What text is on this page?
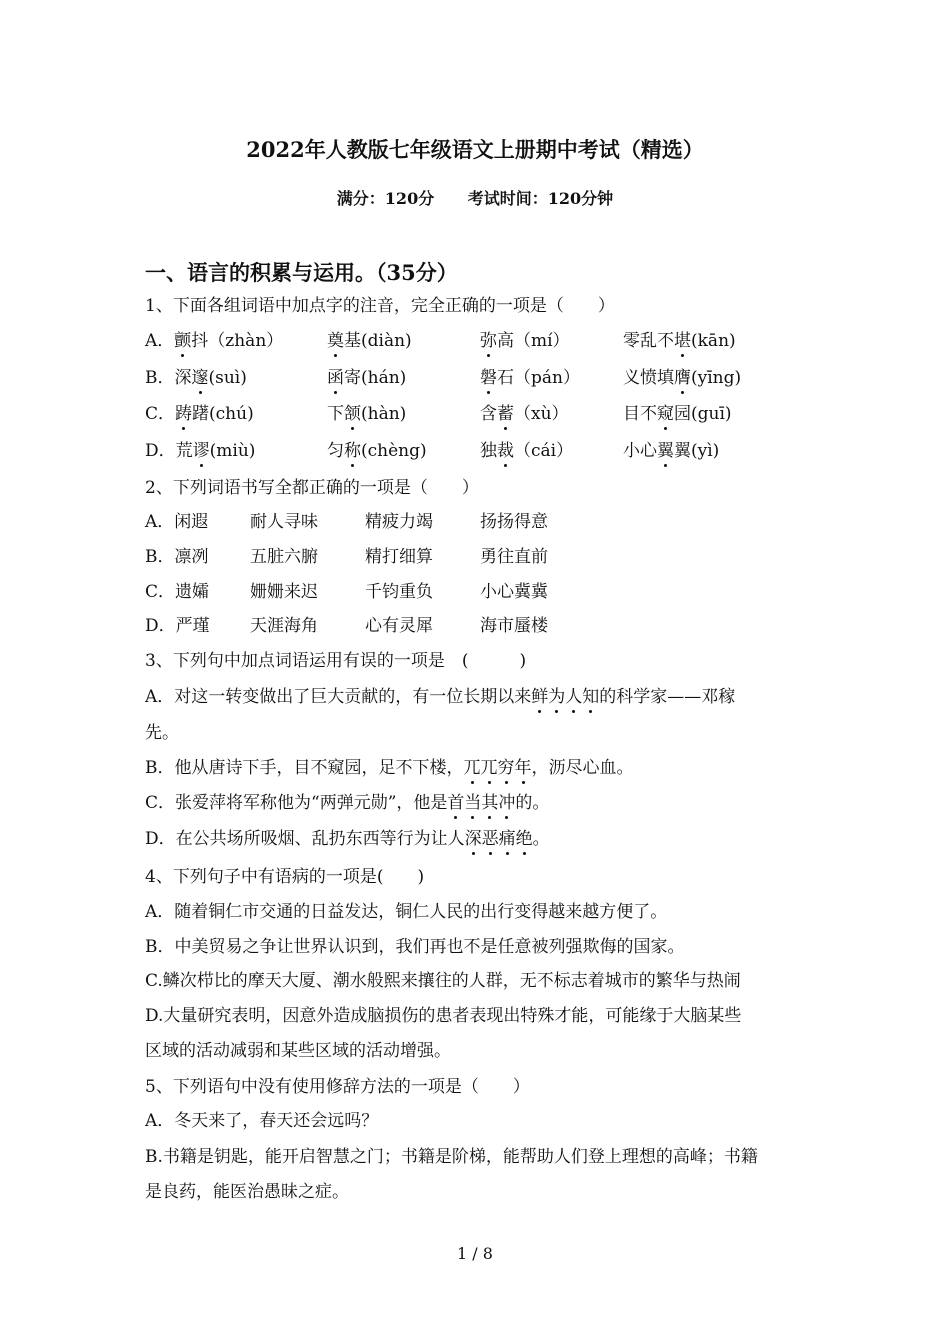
2022年人教版七年级语文上册期中考试（精选）
满分：120分 考试时间：120分钟
一、语言的积累与运用。（35分）
1、下面各组词语中加点字的注音，完全正确的一项是（　　）
A．颤抖（zhàn）	奠基(diàn)	弥高（mí）	零乱不堪(kān)
B．深邃(suì)	函寄(hán)	磐石（pán）	义愤填膺(yīng)
C．踌躇(chú)	下颔(hàn)	含蓄（xù）	目不窥园(guī)
D．荒谬(miù)	匀称(chèng)	独裁（cái）	小心翼翼(yì)
2、下列词语书写全都正确的一项是（　　）
A．闲遐 耐人寻味	精疲力竭	扬扬得意
B．凛冽 五脏六腑	精打细算	勇往直前
C．遗孀 姗姗来迟	千钧重负	小心冀冀
D．严瑾 天涯海角	心有灵犀	海市蜃楼
3、下列句中加点词语运用有误的一项是　(　　　)
A．对这一转变做出了巨大贡献的，有一位长期以来鲜为人知的科学家——邓稼
先。
B．他从唐诗下手，目不窥园，足不下楼，兀兀穷年，沥尽心血。
C．张爱萍将军称他为“两弹元勋”，他是首当其冲的。
D．在公共场所吸烟、乱扔东西等行为让人深恶痛绝。
4、下列句子中有语病的一项是(　　)
A．随着铜仁市交通的日益发达，铜仁人民的出行变得越来越方便了。
B．中美贸易之争让世界认识到，我们再也不是任意被列强欺侮的国家。
C.鳞次栉比的摩天大厦、潮水般熙来攘往的人群，无不标志着城市的繁华与热闹
D.大量研究表明，因意外造成脑损伤的患者表现出特殊才能，可能缘于大脑某些
区域的活动减弱和某些区域的活动增强。
5、下列语句中没有使用修辞方法的一项是（　　）
A．冬天来了，春天还会远吗？
B.书籍是钥匙，能开启智慧之门；书籍是阶梯，能帮助人们登上理想的高峰；书籍
是良药，能医治愚昧之症。
1 / 8
